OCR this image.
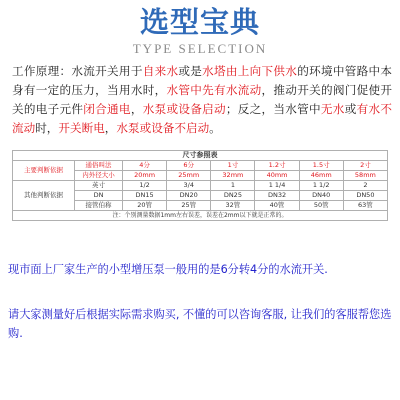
选型宝典
TYPE SELECTION
工作原理：水流开关用于自来水或是水塔由上向下供水的环境中管路中本身有一定的压力，当用水时，水管中先有水流动，推动开关的阀门促使开关的电子元件闭合通电，水泵或设备启动；反之，当水管中无水或有水不流动时，开关断电，水泵或设备不启动。
尺寸参照表							
主要判断依据	通俗叫法	4分	6分	1寸	1.2寸	1.5寸	2寸
	内外径大小	20mm	25mm	32mm	40mm	46mm	58mm
其他判断依据	英寸	1/2	3/4	1	1 1/4	1 1/2	2
	DN	DN15	DN20	DN25	DN32	DN40	DN50
	接管伯称	20管	25管	32管	40管	50管	63管
注：个别测量数据1mm左右误差，误差在2mm以下就是正常的。							
现市面上厂家生产的小型增压泵一般用的是6分转4分的水流开关.
请大家测量好后根据实际需求购买, 不懂的可以咨询客服, 让我们的客服帮您选购.
